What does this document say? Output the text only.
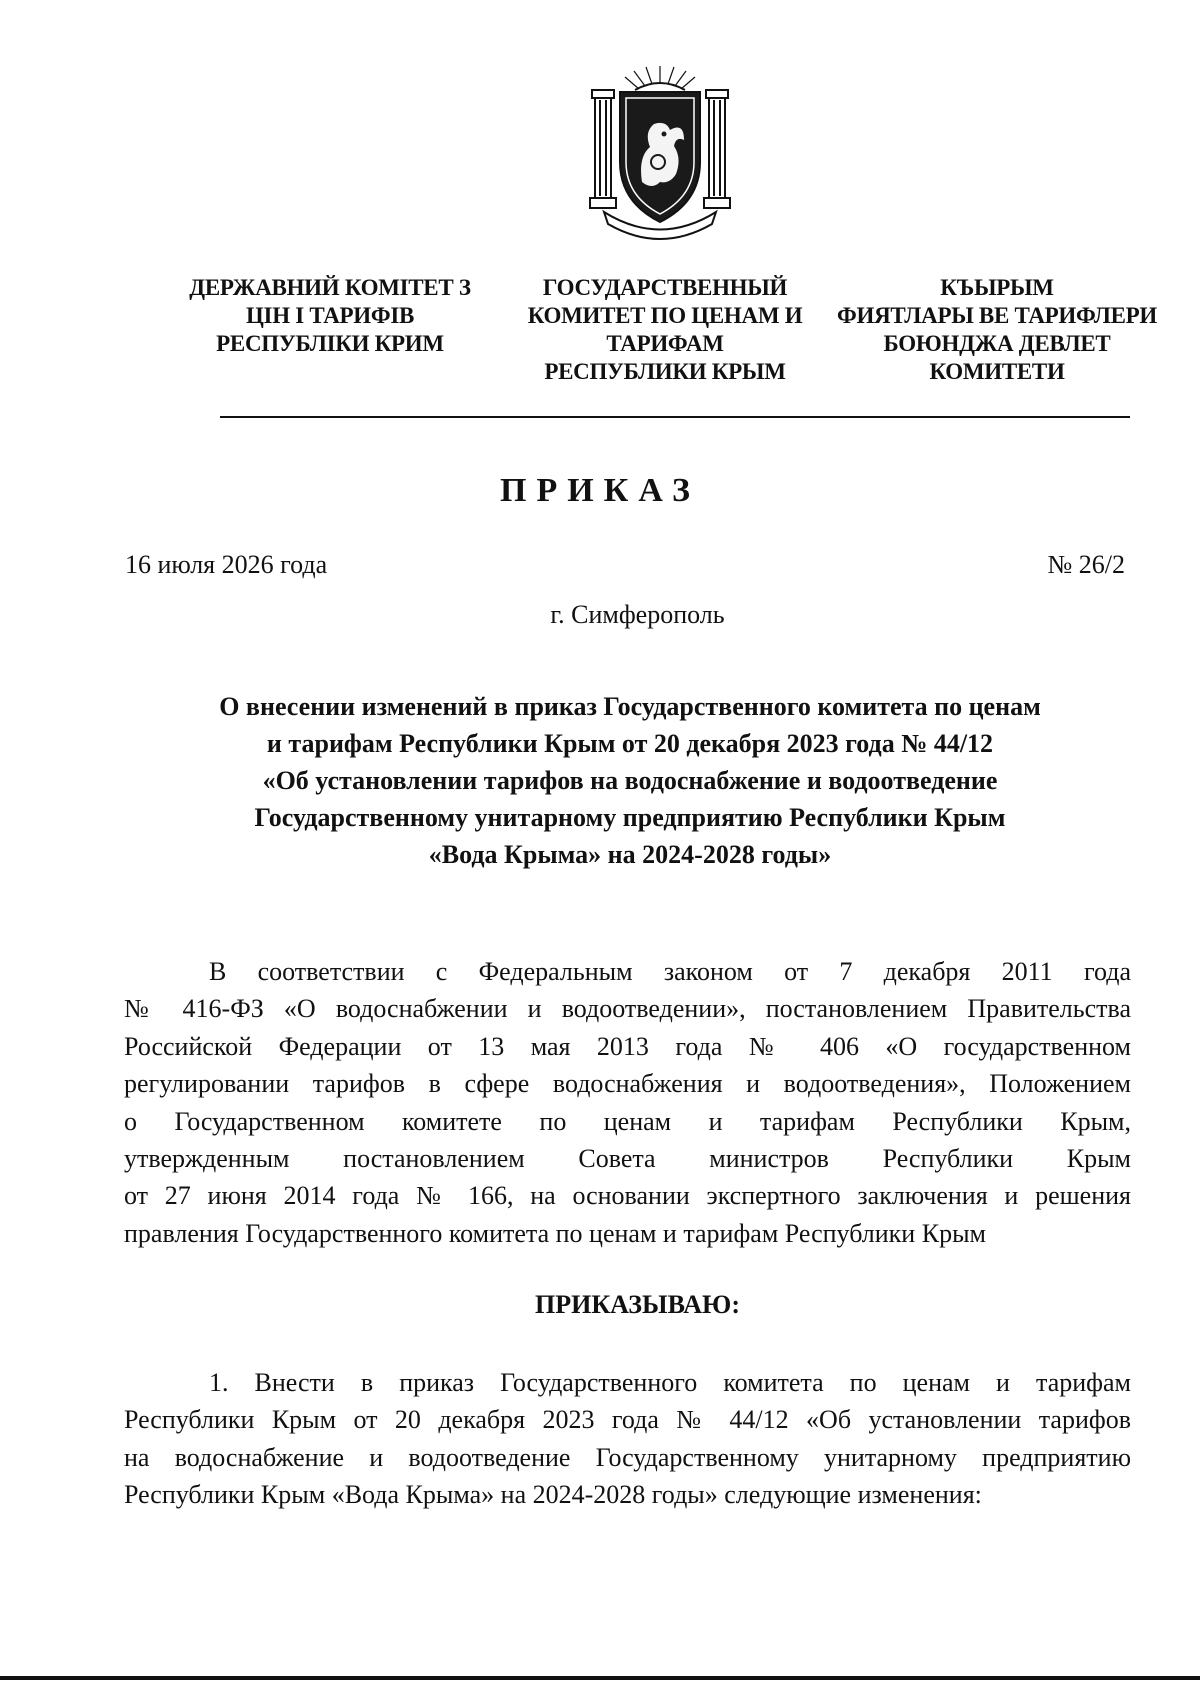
ДЕРЖАВНИЙ КОМІТЕТ З
ЦІН І ТАРИФІВ
РЕСПУБЛІКИ КРИМ
ГОСУДАРСТВЕННЫЙ
КОМИТЕТ ПО ЦЕНАМ И
ТАРИФАМ
РЕСПУБЛИКИ КРЫМ
КЪЫРЫМ
ФИЯТЛАРЫ ВЕ ТАРИФЛЕРИ
БОЮНДЖА ДЕВЛЕТ
КОМИТЕТИ
ПРИКАЗ
16 июля 2026 года	№ 26/2
г. Симферополь
О внесении изменений в приказ Государственного комитета по ценам
и тарифам Республики Крым от 20 декабря 2023 года № 44/12
«Об установлении тарифов на водоснабжение и водоотведение
Государственному унитарному предприятию Республики Крым
«Вода Крыма» на 2024-2028 годы»
В соответствии с Федеральным законом от 7 декабря 2011 года
№ 416-ФЗ «О водоснабжении и водоотведении», постановлением Правительства
Российской Федерации от 13 мая 2013 года № 406 «О государственном
регулировании тарифов в сфере водоснабжения и водоотведения», Положением
о Государственном комитете по ценам и тарифам Республики Крым,
утвержденным постановлением Совета министров Республики Крым
от 27 июня 2014 года № 166, на основании экспертного заключения и решения
правления Государственного комитета по ценам и тарифам Республики Крым
ПРИКАЗЫВАЮ:
1. Внести в приказ Государственного комитета по ценам и тарифам
Республики Крым от 20 декабря 2023 года № 44/12 «Об установлении тарифов
на водоснабжение и водоотведение Государственному унитарному предприятию
Республики Крым «Вода Крыма» на 2024-2028 годы» следующие изменения:
